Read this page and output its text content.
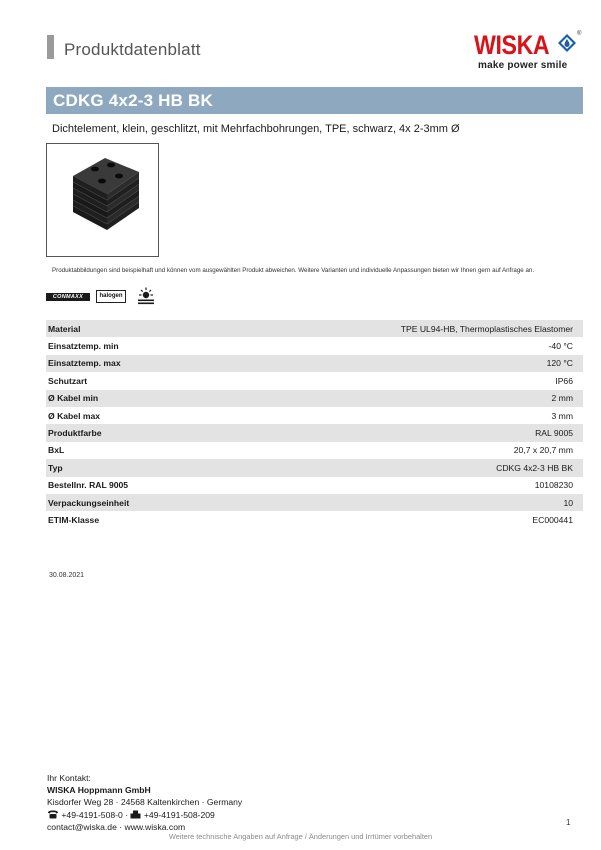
Produktdatenblatt	WISKA	®
make power smile
CDKG 4x2-3 HB BK
Dichtelement, klein, geschlitzt, mit Mehrfachbohrungen, TPE, schwarz, 4x 2-3mm Ø
Produktabbildungen sind beispielhaft und können vom ausgewählten Produkt abweichen. Weitere Varianten und individuelle Anpassungen bieten wir Ihnen gern auf Anfrage an.
CONMAXX	halogen
Material	TPE UL94-HB, Thermoplastisches Elastomer
Einsatztemp. min	-40 °C
Einsatztemp. max	120 °C
Schutzart	IP66
Ø Kabel min	2 mm
Ø Kabel max	3 mm
Produktfarbe	RAL 9005
BxL	20,7 x 20,7 mm
Typ	CDKG 4x2-3 HB BK
Bestellnr. RAL 9005	10108230
Verpackungseinheit	10
ETIM-Klasse	EC000441
30.08.2021
Ihr Kontakt:
WISKA Hoppmann GmbH
Kisdorfer Weg 28 · 24568 Kaltenkirchen · Germany
+49-4191-508-0 · +49-4191-508-209
contact@wiska.de · www.wiska.com	1
Weitere technische Angaben auf Anfrage / Änderungen und Irrtümer vorbehalten
